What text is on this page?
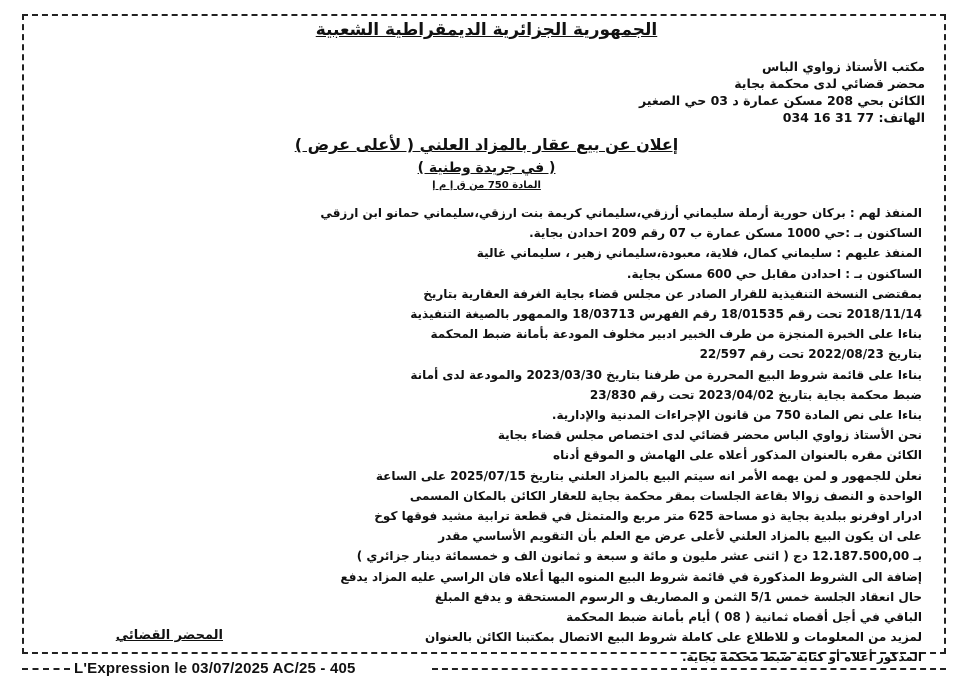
الجمهورية الجزائرية الديمقراطية الشعبية
مكتب الأستاذ زواوي الباس
محضر قضائي لدى محكمة بجاية
الكائن بحي 208 مسكن عمارة د 03 حي الصغير
الهاتف: 77 31 16 034
إعلان عن بيع عقار بالمزاد العلني ( لأعلى عرض )
( في جريدة وطنية )
المادة 750 من ق إ م إ
المنفذ لهم : بركان حورية أرملة سليماني أرزقي،سليماني كريمة بنت ارزقي،سليماني حمانو ابن ارزقي
الساكنون بـ :حي 1000 مسكن عمارة ب 07 رقم 209 احدادن بجاية.
المنفذ عليهم : سليماني كمال، فلاية، معبودة،سليماني زهير ، سليماني غالية
الساكنون بـ : احدادن مقابل حي 600 مسكن بجاية.
بمقتضى النسخة التنفيذية للقرار الصادر عن مجلس قضاء بجاية الغرفة العقارية بتاريخ
2018/11/14 تحت رقم 18/01535 رقم الفهرس 18/03713 والممهور بالصيغة التنفيذية
بناءا على الخبرة المنجزة من طرف الخبير ادبير مخلوف المودعة بأمانة ضبط المحكمة
بتاريخ 2022/08/23 تحت رقم 22/597
بناءا على قائمة شروط البيع المحررة من طرفنا بتاريخ 2023/03/30 والمودعة لدى أمانة
ضبط محكمة بجاية بتاريخ 2023/04/02 تحت رقم 23/830
بناءا على نص المادة 750 من قانون الإجراءات المدنية والإدارية.
نحن الأستاذ زواوي الباس محضر قضائي لدى اختصاص مجلس قضاء بجاية
الكائن مقره بالعنوان المذكور أعلاه على الهامش و الموقع أدناه
نعلن للجمهور و لمن يهمه الأمر انه سيتم البيع بالمزاد العلني بتاريخ 2025/07/15 على الساعة
الواحدة و النصف زوالا بقاعة الجلسات بمقر محكمة بجاية للعقار الكائن بالمكان المسمى
ادرار اوفرنو ببلدية بجاية ذو مساحة 625 متر مربع والمتمثل في قطعة ترابية مشيد فوقها كوخ
على ان يكون البيع بالمزاد العلني لأعلى عرض مع العلم بأن التقويم الأساسي مقدر
بـ 12.187.500,00 دج ( اثنى عشر مليون و مائة و سبعة و ثمانون الف و خمسمائة دينار جزائري )
إضافة الى الشروط المذكورة في قائمة شروط البيع المنوه اليها أعلاه فان الراسي عليه المزاد يدفع
حال انعقاد الجلسة خمس 5/1 الثمن و المصاريف و الرسوم المستحقة و يدفع المبلغ
الباقي في أجل أقصاه ثمانية ( 08 ) أيام بأمانة ضبط المحكمة
لمزيد من المعلومات و للاطلاع على كاملة شروط البيع الاتصال بمكتبنا الكائن بالعنوان
المذكور أعلاه أو كتابة ضبط محكمة بجاية.
المحضر القضائي
L'Expression le 03/07/2025 AC/25 - 405
